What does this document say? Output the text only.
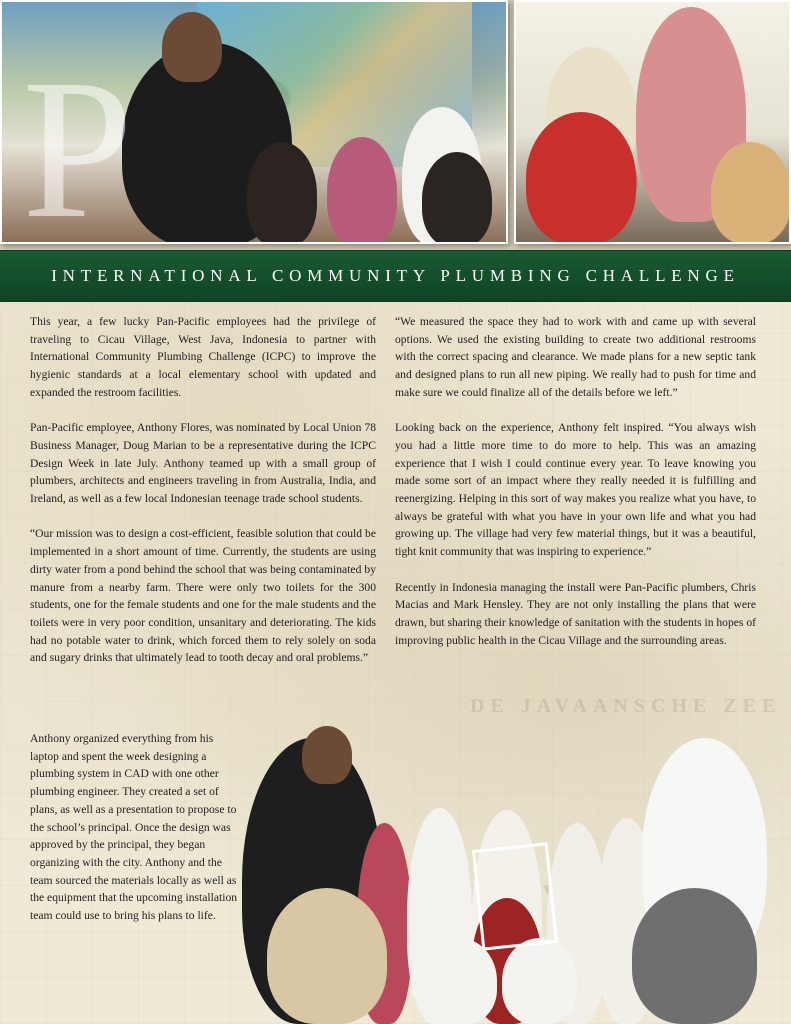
DE JAVAANSCHE ZEE
P
INTERNATIONAL COMMUNITY PLUMBING CHALLENGE

This year, a few lucky Pan-Pacific employees had the privilege of traveling to Cicau Village, West Java, Indonesia to partner with International Community Plumbing Challenge (ICPC) to improve the hygienic standards at a local elementary school with updated and expanded the restroom facilities.

Pan-Pacific employee, Anthony Flores, was nominated by Local Union 78 Business Manager, Doug Marian to be a representative during the ICPC Design Week in late July. Anthony teamed up with a small group of plumbers, architects and engineers traveling in from Australia, India, and Ireland, as well as a few local Indonesian teenage trade school students.

“Our mission was to design a cost-efficient, feasible solution that could be implemented in a short amount of time. Currently, the students are using dirty water from a pond behind the school that was being contaminated by manure from a nearby farm. There were only two toilets for the 300 students, one for the female students and one for the male students and the toilets were in very poor condition, unsanitary and deteriorating. The kids had no potable water to drink, which forced them to rely solely on soda and sugary drinks that ultimately lead to tooth decay and oral problems.”

“We measured the space they had to work with and came up with several options. We used the existing building to create two additional restrooms with the correct spacing and clearance. We made plans for a new septic tank and designed plans to run all new piping. We really had to push for time and make sure we could finalize all of the details before we left.”

Looking back on the experience, Anthony felt inspired. “You always wish you had a little more time to do more to help. This was an amazing experience that I wish I could continue every year. To leave knowing you made some sort of an impact where they really needed it is fulfilling and reenergizing. Helping in this sort of way makes you realize what you have, to always be grateful with what you have in your own life and what you had growing up. The village had very few material things, but it was a beautiful, tight knit community that was inspiring to experience.”

Recently in Indonesia managing the install were Pan-Pacific plumbers, Chris Macias and Mark Hensley. They are not only installing the plans that were drawn, but sharing their knowledge of sanitation with the students in hopes of improving public health in the Cicau Village and the surrounding areas.

Anthony organized everything from his laptop and spent the week designing a plumbing system in CAD with one other plumbing engineer. They created a set of plans, as well as a presentation to propose to the school’s principal. Once the design was approved by the principal, they began organizing with the city. Anthony and the team sourced the materials locally as well as the equipment that the upcoming installation team could use to bring his plans to life.
